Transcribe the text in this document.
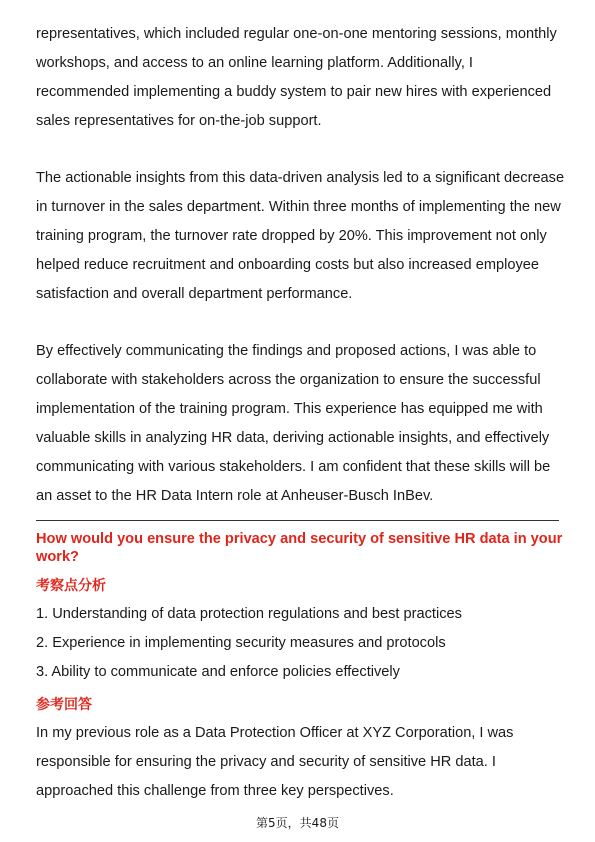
representatives, which included regular one-on-one mentoring sessions, monthly
workshops, and access to an online learning platform. Additionally, I
recommended implementing a buddy system to pair new hires with experienced
sales representatives for on-the-job support.

The actionable insights from this data-driven analysis led to a significant decrease
in turnover in the sales department. Within three months of implementing the new
training program, the turnover rate dropped by 20%. This improvement not only
helped reduce recruitment and onboarding costs but also increased employee
satisfaction and overall department performance.

By effectively communicating the findings and proposed actions, I was able to
collaborate with stakeholders across the organization to ensure the successful
implementation of the training program. This experience has equipped me with
valuable skills in analyzing HR data, deriving actionable insights, and effectively
communicating with various stakeholders. I am confident that these skills will be
an asset to the HR Data Intern role at Anheuser-Busch InBev.

How would you ensure the privacy and security of sensitive HR data in your
work?
考察点分析
1. Understanding of data protection regulations and best practices
2. Experience in implementing security measures and protocols
3. Ability to communicate and enforce policies effectively
参考回答

In my previous role as a Data Protection Officer at XYZ Corporation, I was
responsible for ensuring the privacy and security of sensitive HR data. I
approached this challenge from three key perspectives.

第5页，共48页
